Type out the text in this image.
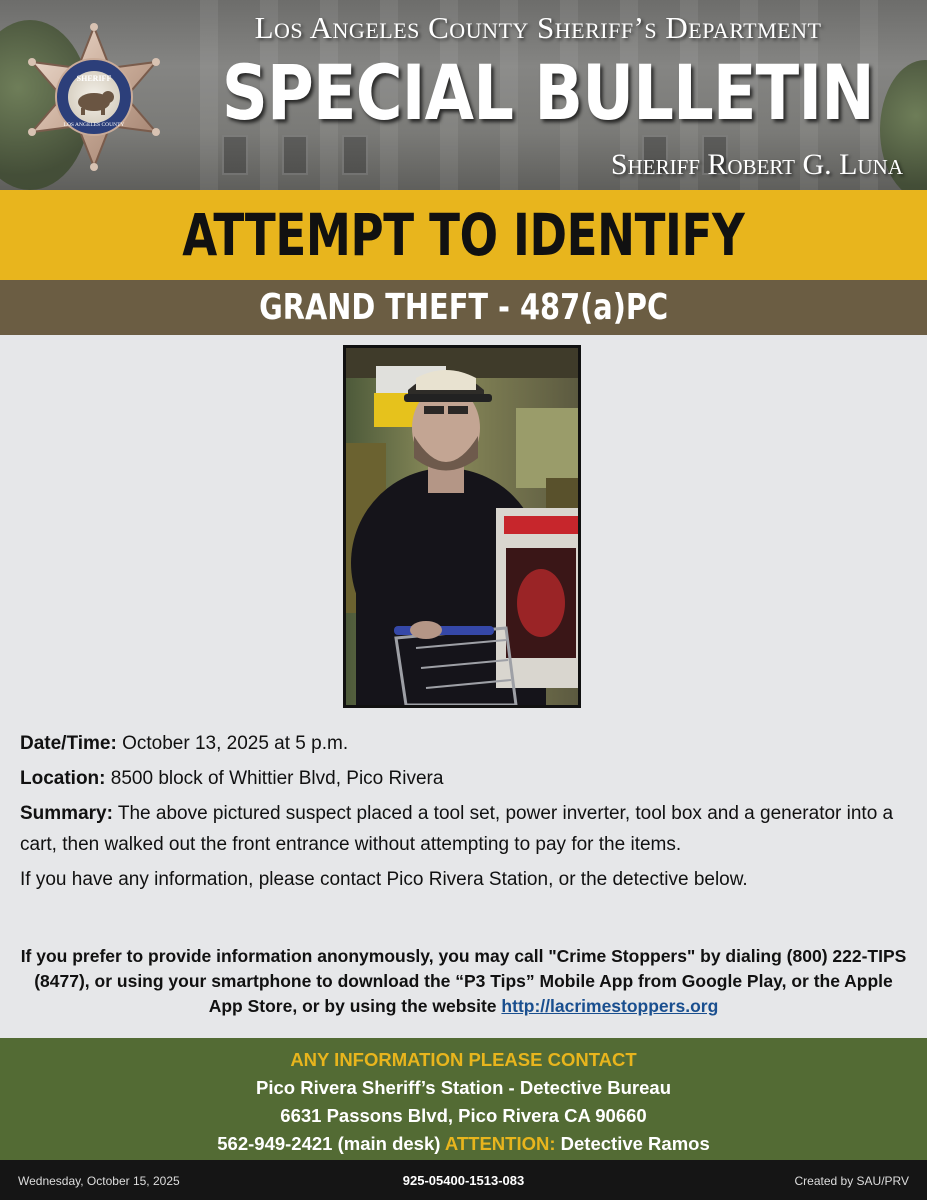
SHERIFF
LOS ANGELES COUNTY
Los Angeles County Sheriff’s Department
SPECIAL BULLETIN
Sheriff Robert G. Luna
ATTEMPT TO IDENTIFY
GRAND THEFT - 487(a)PC

Date/Time: October 13, 2025 at 5 p.m.

Location: 8500 block of Whittier Blvd, Pico Rivera

Summary: The above pictured suspect placed a tool set, power inverter, tool box and a generator into a cart, then walked out the front entrance without attempting to pay for the items.

If you have any information, please contact Pico Rivera Station, or the detective below.

If you prefer to provide information anonymously, you may call "Crime Stoppers" by dialing (800) 222-TIPS (8477), or using your smartphone to download the “P3 Tips” Mobile App from Google Play, or the Apple App Store, or by using the website http://lacrimestoppers.org
ANY INFORMATION PLEASE CONTACT
Pico Rivera Sheriff’s Station - Detective Bureau
6631 Passons Blvd, Pico Rivera CA 90660
562-949-2421 (main desk) ATTENTION: Detective Ramos
Wednesday, October 15, 2025	925-05400-1513-083	Created by SAU/PRV
